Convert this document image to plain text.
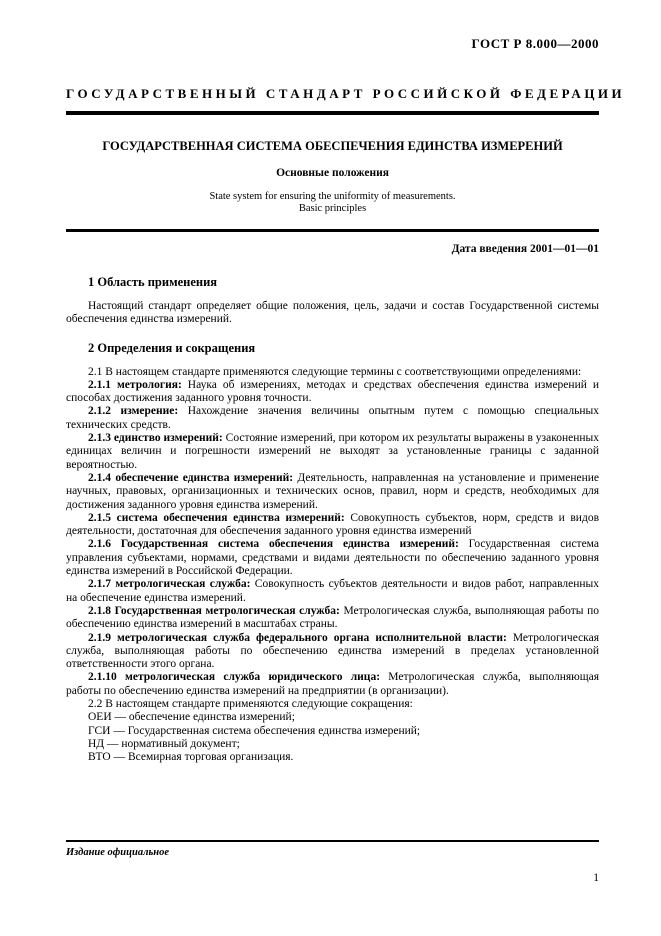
ГОСТ Р 8.000—2000
ГОСУДАРСТВЕННЫЙ СТАНДАРТ РОССИЙСКОЙ ФЕДЕРАЦИИ
ГОСУДАРСТВЕННАЯ СИСТЕМА ОБЕСПЕЧЕНИЯ ЕДИНСТВА ИЗМЕРЕНИЙ
Основные положения
State system for ensuring the uniformity of measurements.
Basic principles
Дата введения 2001—01—01
1 Область применения

Настоящий стандарт определяет общие положения, цель, задачи и состав Государственной системы обеспечения единства измерений.

2 Определения и сокращения

2.1 В настоящем стандарте применяются следующие термины с соответствующими определениями:

2.1.1 метрология: Наука об измерениях, методах и средствах обеспечения единства измерений и способах достижения заданного уровня точности.

2.1.2 измерение: Нахождение значения величины опытным путем с помощью специальных технических средств.

2.1.3 единство измерений: Состояние измерений, при котором их результаты выражены в узаконенных единицах величин и погрешности измерений не выходят за установленные границы с заданной вероятностью.

2.1.4 обеспечение единства измерений: Деятельность, направленная на установление и применение научных, правовых, организационных и технических основ, правил, норм и средств, необходимых для достижения заданного уровня единства измерений.

2.1.5 система обеспечения единства измерений: Совокупность субъектов, норм, средств и видов деятельности, достаточная для обеспечения заданного уровня единства измерений

2.1.6 Государственная система обеспечения единства измерений: Государственная система управления субъектами, нормами, средствами и видами деятельности по обеспечению заданного уровня единства измерений в Российской Федерации.

2.1.7 метрологическая служба: Совокупность субъектов деятельности и видов работ, направленных на обеспечение единства измерений.

2.1.8 Государственная метрологическая служба: Метрологическая служба, выполняющая работы по обеспечению единства измерений в масштабах страны.

2.1.9 метрологическая служба федерального органа исполнительной власти: Метрологическая служба, выполняющая работы по обеспечению единства измерений в пределах установленной ответственности этого органа.

2.1.10 метрологическая служба юридического лица: Метрологическая служба, выполняющая работы по обеспечению единства измерений на предприятии (в организации).

2.2 В настоящем стандарте применяются следующие сокращения:

ОЕИ — обеспечение единства измерений;

ГСИ — Государственная система обеспечения единства измерений;

НД — нормативный документ;

ВТО — Всемирная торговая организация.

Издание официальное
1
